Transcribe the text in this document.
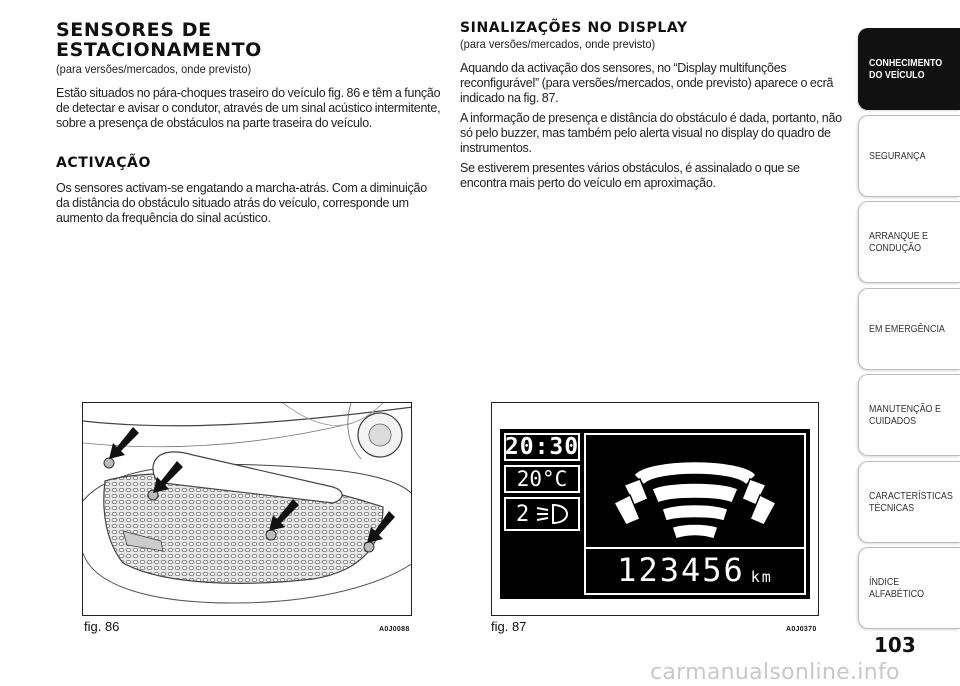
SENSORES DE
ESTACIONAMENTO
(para versões/mercados, onde previsto)
Estão situados no pára-choques traseiro do veículo fig. 86 e têm a função de detectar e avisar o condutor, através de um sinal acústico intermitente, sobre a presença de obstáculos na parte traseira do veículo.
ACTIVAÇÃO
Os sensores activam-se engatando a marcha-atrás. Com a diminuição da distância do obstáculo situado atrás do veículo, corresponde um aumento da frequência do sinal acústico.
SINALIZAÇÕES NO DISPLAY
(para versões/mercados, onde previsto)
Aquando da activação dos sensores, no “Display multifunções reconfigurável” (para versões/mercados, onde previsto) aparece o ecrã indicado na fig. 87.
A informação de presença e distância do obstáculo é dada, portanto, não só pelo buzzer, mas também pelo alerta visual no display do quadro de instrumentos.
Se estiverem presentes vários obstáculos, é assinalado o que se encontra mais perto do veículo em aproximação.
fig. 86	A0J0088
20:30
20°C
2
123456 km
fig. 87	A0J0370
CONHECIMENTO
DO VEÍCULO
SEGURANÇA
ARRANQUE E
CONDUÇÃO
EM EMERGÊNCIA
MANUTENÇÃO E
CUIDADOS
CARACTERÍSTICAS
TÉCNICAS
ÍNDICE ALFABÉTICO
103
carmanualsonline.info
